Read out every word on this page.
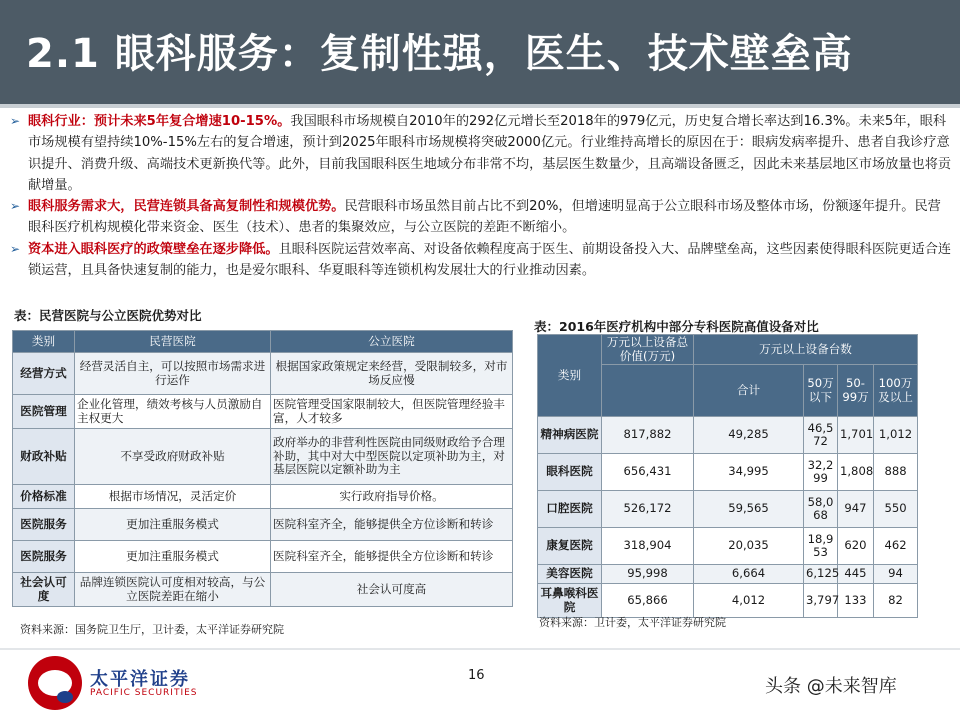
2.1 眼科服务：复制性强，医生、技术壁垒高
➢ 眼科行业：预计未来5年复合增速10-15%。我国眼科市场规模自2010年的292亿元增长至2018年的979亿元，历史复合增长率达到16.3%。未来5年，眼科市场规模有望持续10%-15%左右的复合增速，预计到2025年眼科市场规模将突破2000亿元。行业维持高增长的原因在于：眼病发病率提升、患者自我诊疗意识提升、消费升级、高端技术更新换代等。此外，目前我国眼科医生地域分布非常不均，基层医生数量少，且高端设备匮乏，因此未来基层地区市场放量也将贡献增量。
➢ 眼科服务需求大，民营连锁具备高复制性和规模优势。民营眼科市场虽然目前占比不到20%，但增速明显高于公立眼科市场及整体市场，份额逐年提升。民营眼科医疗机构规模化带来资金、医生（技术）、患者的集聚效应，与公立医院的差距不断缩小。
➢ 资本进入眼科医疗的政策壁垒在逐步降低。且眼科医院运营效率高、对设备依赖程度高于医生、前期设备投入大、品牌壁垒高，这些因素使得眼科医院更适合连锁运营，且具备快速复制的能力，也是爱尔眼科、华夏眼科等连锁机构发展壮大的行业推动因素。
表：民营医院与公立医院优势对比
类别	民营医院	公立医院
经营方式	经营灵活自主，可以按照市场需求进行运作	根据国家政策规定来经营，受限制较多，对市场反应慢
医院管理	企业化管理，绩效考核与人员激励自主权更大	医院管理受国家限制较大，但医院管理经验丰富，人才较多
财政补贴	不享受政府财政补贴	政府举办的非营利性医院由同级财政给予合理补助，其中对大中型医院以定项补助为主，对基层医院以定额补助为主
价格标准	根据市场情况，灵活定价	实行政府指导价格。
医院服务	更加注重服务模式	医院科室齐全，能够提供全方位诊断和转诊
医院服务	更加注重服务模式	医院科室齐全，能够提供全方位诊断和转诊
社会认可度	品牌连锁医院认可度相对较高，与公立医院差距在缩小	社会认可度高
资料来源：国务院卫生厅，卫计委，太平洋证券研究院
表：2016年医疗机构中部分专科医院高值设备对比
类别	万元以上设备总价值(万元)	万元以上设备台数			
		合计	50万以下	50-99万	100万及以上
精神病医院	817,882	49,285	46,572	1,701	1,012
眼科医院	656,431	34,995	32,299	1,808	888
口腔医院	526,172	59,565	58,068	947	550
康复医院	318,904	20,035	18,953	620	462
美容医院	95,998	6,664	6,125	445	94
耳鼻喉科医院	65,866	4,012	3,797	133	82
资料来源：卫计委，太平洋证券研究院
太平洋证券
PACIFIC SECURITIES
16
头条 @未来智库
